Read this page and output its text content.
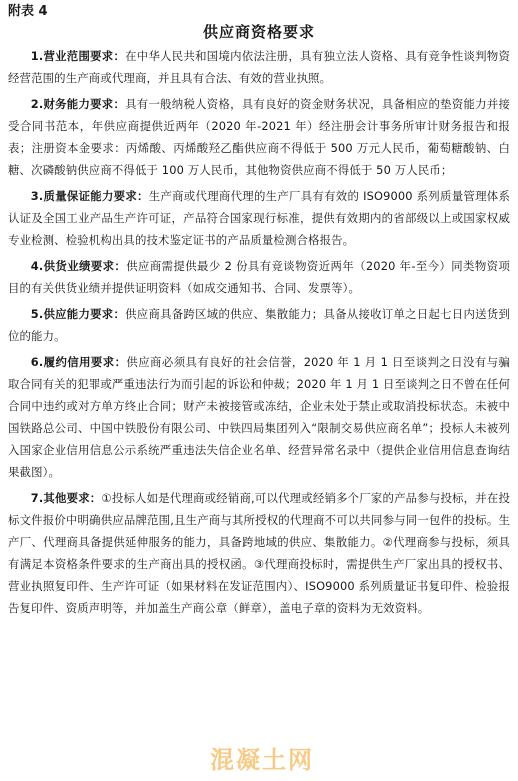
附表 4
供应商资格要求

1.营业范围要求：在中华人民共和国境内依法注册，具有独立法人资格、具有竞争性谈判物资经营范围的生产商或代理商，并且具有合法、有效的营业执照。

2.财务能力要求：具有一般纳税人资格，具有良好的资金财务状况，具备相应的垫资能力并接受合同书范本，年供应商提供近两年（2020 年-2021 年）经注册会计事务所审计财务报告和报表；注册资本金要求：丙烯酸、丙烯酸羟乙酯供应商不得低于 500 万元人民币，葡萄糖酸钠、白糖、次磷酸钠供应商不得低于 100 万人民币，其他物资供应商不得低于 50 万人民币；

3.质量保证能力要求：生产商或代理商代理的生产厂具有有效的 ISO9000 系列质量管理体系认证及全国工业产品生产许可证，产品符合国家现行标准，提供有效期内的省部级以上或国家权威专业检测、检验机构出具的技术鉴定证书的产品质量检测合格报告。

4.供货业绩要求：供应商需提供最少 2 份具有竞谈物资近两年（2020 年-至今）同类物资项目的有关供货业绩并提供证明资料（如成交通知书、合同、发票等）。

5.供应能力要求：供应商具备跨区域的供应、集散能力；具备从接收订单之日起七日内送货到位的能力。

6.履约信用要求：供应商必须具有良好的社会信誉，2020 年 1 月 1 日至谈判之日没有与骗取合同有关的犯罪或严重违法行为而引起的诉讼和仲裁；2020 年 1 月 1 日至谈判之日不曾在任何合同中违约或对方单方终止合同；财产未被接管或冻结，企业未处于禁止或取消投标状态。未被中国铁路总公司、中国中铁股份有限公司、中铁四局集团列入“限制交易供应商名单”；投标人未被列入国家企业信用信息公示系统严重违法失信企业名单、经营异常名录中（提供企业信用信息查询结果截图）。

7.其他要求：①投标人如是代理商或经销商,可以代理或经销多个厂家的产品参与投标，并在投标文件报价中明确供应品牌范围,且生产商与其所授权的代理商不可以共同参与同一包件的投标。生产厂、代理商具备提供延伸服务的能力，具备跨地域的供应、集散能力。②代理商参与投标，须具有满足本资格条件要求的生产商出具的授权函。③代理商投标时，需提供生产厂家出具的授权书、营业执照复印件、生产许可证（如果材料在发证范围内）、ISO9000 系列质量证书复印件、检验报告复印件、资质声明等，并加盖生产商公章（鲜章），盖电子章的资料为无效资料。

混凝土网
